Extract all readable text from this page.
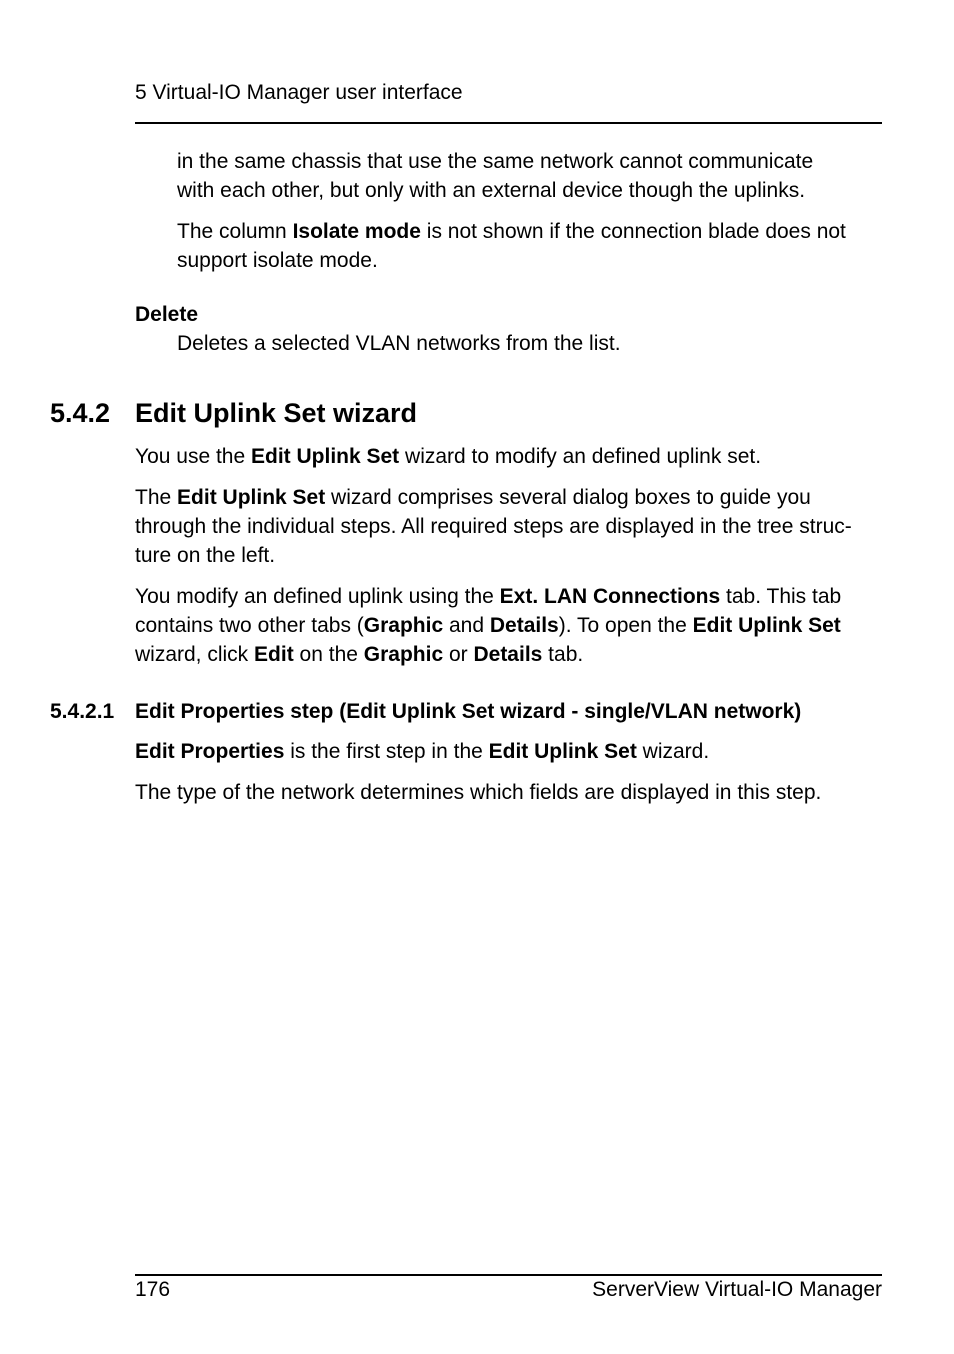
5 Virtual-IO Manager user interface
in the same chassis that use the same network cannot communicate
with each other, but only with an external device though the uplinks.
The column Isolate mode is not shown if the connection blade does not
support isolate mode.
Delete
Deletes a selected VLAN networks from the list.
5.4.2 Edit Uplink Set wizard
You use the Edit Uplink Set wizard to modify an defined uplink set.
The Edit Uplink Set wizard comprises several dialog boxes to guide you
through the individual steps. All required steps are displayed in the tree struc-
ture on the left.
You modify an defined uplink using the Ext. LAN Connections tab. This tab
contains two other tabs (Graphic and Details). To open the Edit Uplink Set
wizard, click Edit on the Graphic or Details tab.
5.4.2.1 Edit Properties step (Edit Uplink Set wizard - single/VLAN network)
Edit Properties is the first step in the Edit Uplink Set wizard.
The type of the network determines which fields are displayed in this step.
176	ServerView Virtual-IO Manager
